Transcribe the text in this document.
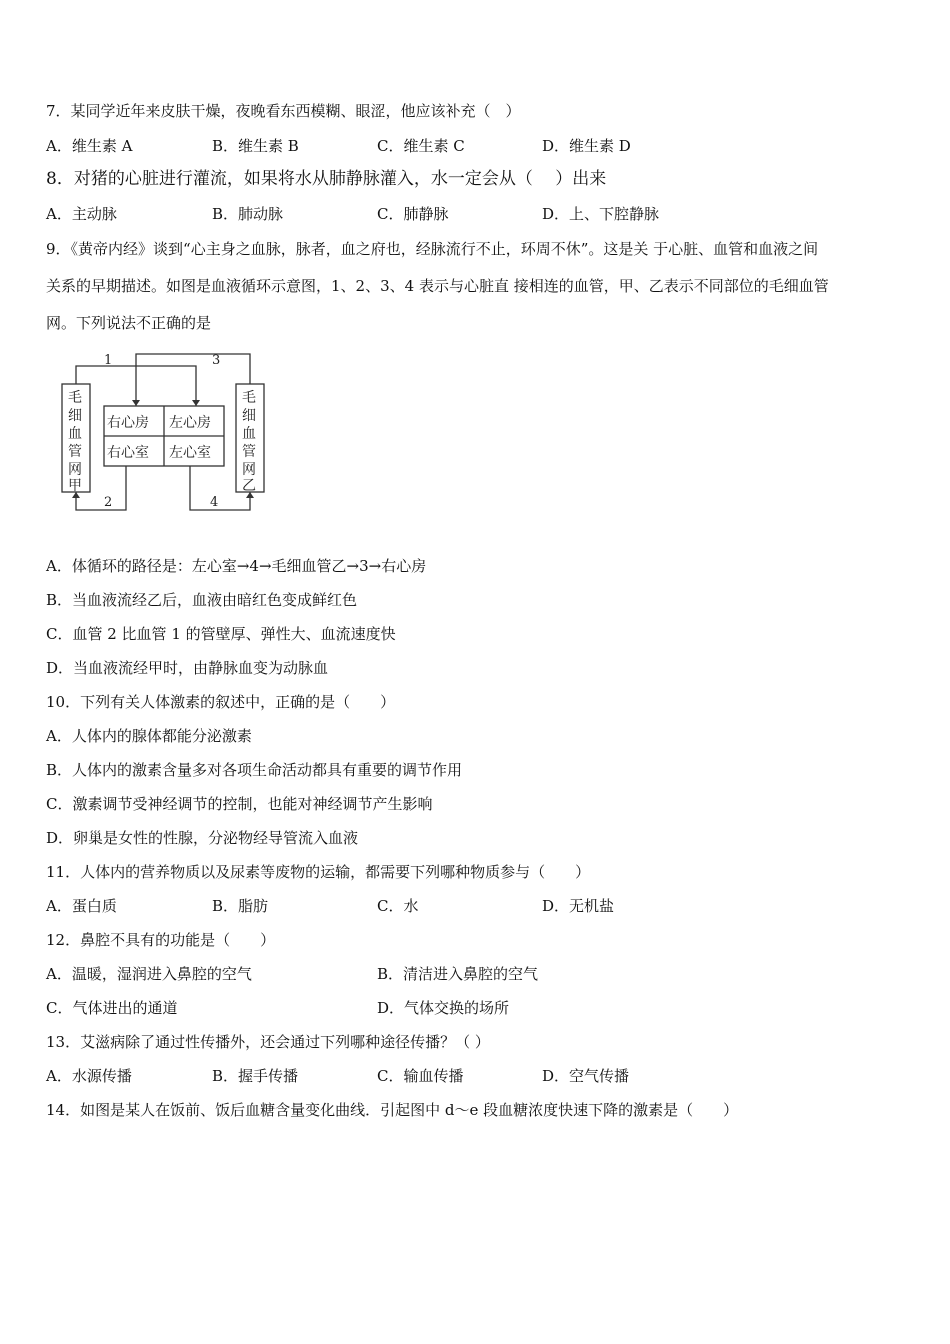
7．某同学近年来皮肤干燥，夜晚看东西模糊、眼涩，他应该补充（　）
A．维生素 A	B．维生素 B	C．维生素 C	D．维生素 D
8．对猪的心脏进行灌流，如果将水从肺静脉灌入，水一定会从（　 ）出来
A．主动脉	B．肺动脉	C．肺静脉	D．上、下腔静脉
9．《黄帝内经》谈到“心主身之血脉，脉者，血之府也，经脉流行不止，环周不休”。这是关 于心脏、血管和血液之间
关系的早期描述。如图是血液循环示意图，1、2、3、4 表示与心脏直 接相连的血管，甲、乙表示不同部位的毛细血管
网。下列说法不正确的是
1	3
2	4
右心房 左心房
右心室 左心室
毛
细
血
管
网
甲
毛
细
血
管
网
乙
A．体循环的路径是：左心室→4→毛细血管乙→3→右心房
B．当血液流经乙后，血液由暗红色变成鲜红色
C．血管 2 比血管 1 的管壁厚、弹性大、血流速度快
D．当血液流经甲时，由静脉血变为动脉血
10．下列有关人体激素的叙述中，正确的是（　　）
A．人体内的腺体都能分泌激素
B．人体内的激素含量多对各项生命活动都具有重要的调节作用
C．激素调节受神经调节的控制，也能对神经调节产生影响
D．卵巢是女性的性腺，分泌物经导管流入血液
11．人体内的营养物质以及尿素等废物的运输，都需要下列哪种物质参与（　　）
A．蛋白质	B．脂肪	C．水	D．无机盐
12．鼻腔不具有的功能是（　　）
A．温暖，湿润进入鼻腔的空气	B．清洁进入鼻腔的空气
C．气体进出的通道	D．气体交换的场所
13．艾滋病除了通过性传播外，还会通过下列哪种途径传播？（ ）
A．水源传播	B．握手传播	C．输血传播	D．空气传播
14．如图是某人在饭前、饭后血糖含量变化曲线．引起图中 d～e 段血糖浓度快速下降的激素是（　　）
